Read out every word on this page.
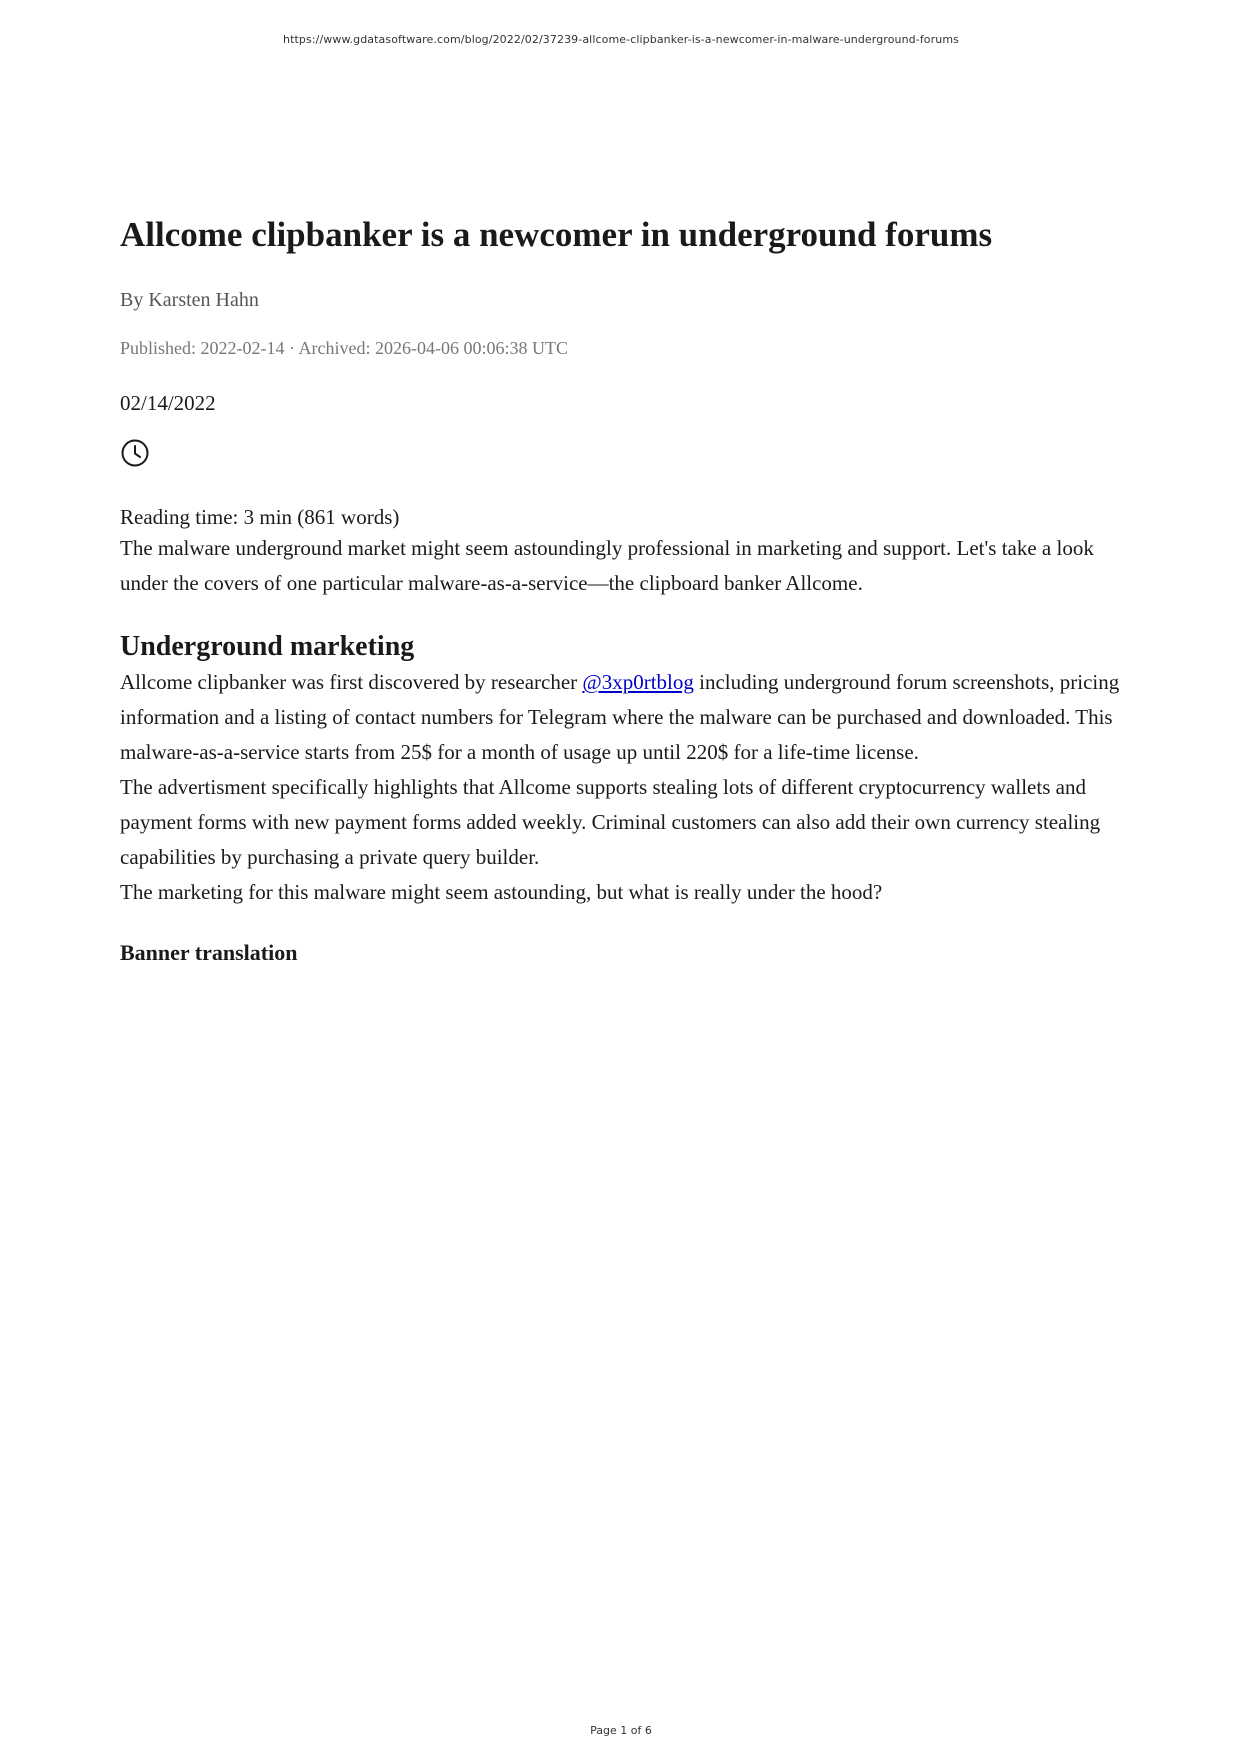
https://www.gdatasoftware.com/blog/2022/02/37239-allcome-clipbanker-is-a-newcomer-in-malware-underground-forums
Allcome clipbanker is a newcomer in underground forums
By Karsten Hahn
Published: 2022-02-14 · Archived: 2026-04-06 00:06:38 UTC
02/14/2022
Reading time: 3 min (861 words)

The malware underground market might seem astoundingly professional in marketing and support. Let's take a look under the covers of one particular malware-as-a-service—the clipboard banker Allcome.

Underground marketing

Allcome clipbanker was first discovered by researcher @3xp0rtblog including underground forum screenshots, pricing information and a listing of contact numbers for Telegram where the malware can be purchased and downloaded. This malware-as-a-service starts from 25$ for a month of usage up until 220$ for a life-time license.

The advertisment specifically highlights that Allcome supports stealing lots of different cryptocurrency wallets and payment forms with new payment forms added weekly. Criminal customers can also add their own currency stealing capabilities by purchasing a private query builder.

The marketing for this malware might seem astounding, but what is really under the hood?

Banner translation
Page 1 of 6
